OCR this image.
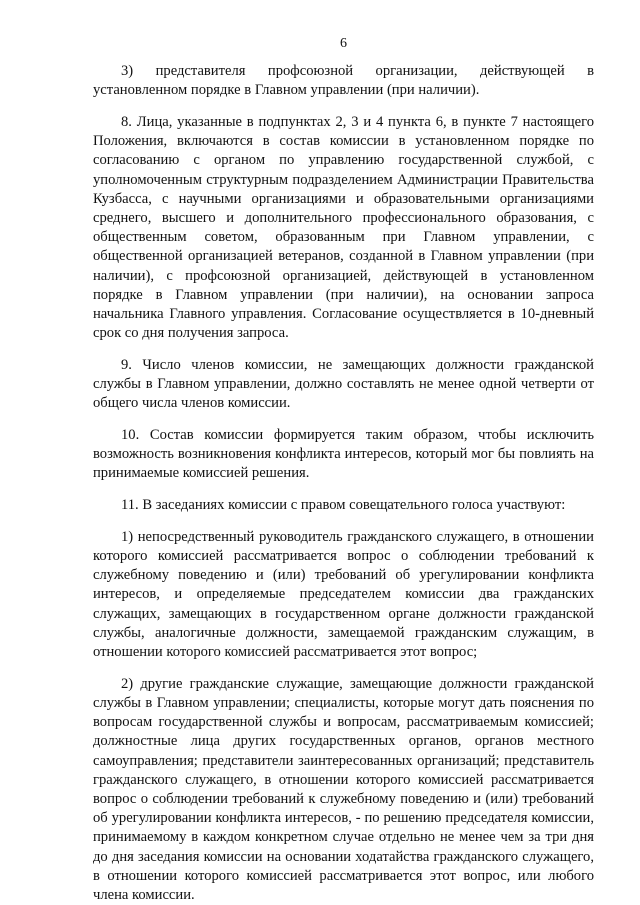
6

3) представителя профсоюзной организации, действующей в установленном порядке в Главном управлении (при наличии).

8. Лица, указанные в подпунктах 2, 3 и 4 пункта 6, в пункте 7 настоящего Положения, включаются в состав комиссии в установленном порядке по согласованию с органом по управлению государственной службой, с уполномоченным структурным подразделением Администрации Правительства Кузбасса, с научными организациями и образовательными организациями среднего, высшего и дополнительного профессионального образования, с общественным советом, образованным при Главном управлении, с общественной организацией ветеранов, созданной в Главном управлении (при наличии), с профсоюзной организацией, действующей в установленном порядке в Главном управлении (при наличии), на основании запроса начальника Главного управления. Согласование осуществляется в 10-дневный срок со дня получения запроса.

9. Число членов комиссии, не замещающих должности гражданской службы в Главном управлении, должно составлять не менее одной четверти от общего числа членов комиссии.

10. Состав комиссии формируется таким образом, чтобы исключить возможность возникновения конфликта интересов, который мог бы повлиять на принимаемые комиссией решения.

11. В заседаниях комиссии с правом совещательного голоса участвуют:

1) непосредственный руководитель гражданского служащего, в отношении которого комиссией рассматривается вопрос о соблюдении требований к служебному поведению и (или) требований об урегулировании конфликта интересов, и определяемые председателем комиссии два гражданских служащих, замещающих в государственном органе должности гражданской службы, аналогичные должности, замещаемой гражданским служащим, в отношении которого комиссией рассматривается этот вопрос;

2) другие гражданские служащие, замещающие должности гражданской службы в Главном управлении; специалисты, которые могут дать пояснения по вопросам государственной службы и вопросам, рассматриваемым комиссией; должностные лица других государственных органов, органов местного самоуправления; представители заинтересованных организаций; представитель гражданского служащего, в отношении которого комиссией рассматривается вопрос о соблюдении требований к служебному поведению и (или) требований об урегулировании конфликта интересов, - по решению председателя комиссии, принимаемому в каждом конкретном случае отдельно не менее чем за три дня до дня заседания комиссии на основании ходатайства гражданского служащего, в отношении которого комиссией рассматривается этот вопрос, или любого члена комиссии.
